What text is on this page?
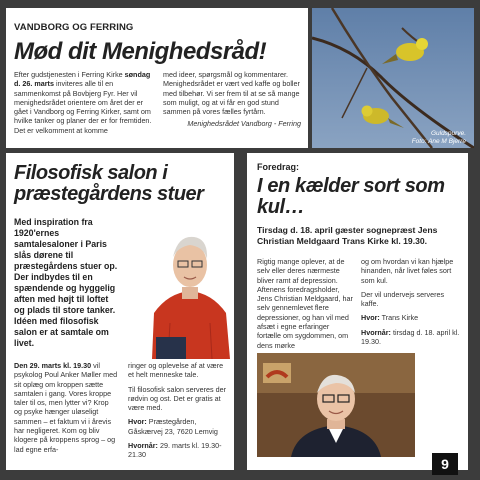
VANDBORG OG FERRING
Mød dit Menighedsråd!
Efter gudstjenesten i Ferring Kirke søndag d. 26. marts inviteres alle til en sammenkomst på Bovbjerg Fyr. Her vil menighedsrådet orientere om året der er gået i Vandborg og Ferring Kirker, samt om hvilke tanker og planer der er for fremtiden. Det er velkomment at komme
med ideer, spørgsmål og kommentarer. Menighedsrådet er vært ved kaffe og boller med tilbehør. Vi ser frem til at se så mange som muligt, og at vi får en god stund sammen på vores fælles fyrtårn.
Menighedsrådet Vandborg - Ferring
Guldspurve.
Foto: Ane M Bjerre
Filosofisk salon i præstegårdens stuer
Med inspiration fra 1920'ernes samtalesaloner i Paris slås dørene til præstegårdens stuer op. Der indbydes til en spændende og hyggelig aften med højt til loftet og plads til store tanker. Idéen med filosofisk salon er at samtale om livet.
Den 29. marts kl. 19.30 vil psykolog Poul Anker Møller med sit oplæg om kroppen sætte samtalen i gang. Vores kroppe taler til os, men lytter vi? Krop og psyke hænger uløseligt sammen – et faktum vi i årevis har negligeret. Kom og bliv klogere på kroppens sprog – og lad egne erfa-
ringer og oplevelse af at være et helt menneske tale.
Til filosofisk salon serveres der rødvin og ost. Det er gratis at være med.
Hvor: Præstegården, Gåskærvej 23, 7620 Lemvig
Hvornår: 29. marts kl. 19.30-21.30
Foredrag:
I en kælder sort som kul…
Tirsdag d. 18. april gæster sognepræst Jens Christian Meldgaard Trans Kirke kl. 19.30.
Rigtig mange oplever, at de selv eller deres nærmeste bliver ramt af depression. Aftenens foredragsholder, Jens Christian Meldgaard, har selv gennemlevet flere depressioner, og han vil med afsæt i egne erfaringer fortælle om sygdommen, om dens mørke
og om hvordan vi kan hjælpe hinanden, når livet føles sort som kul.
Der vil undervejs serveres kaffe.
Hvor: Trans Kirke
Hvornår: tirsdag d. 18. april kl. 19.30.
9
